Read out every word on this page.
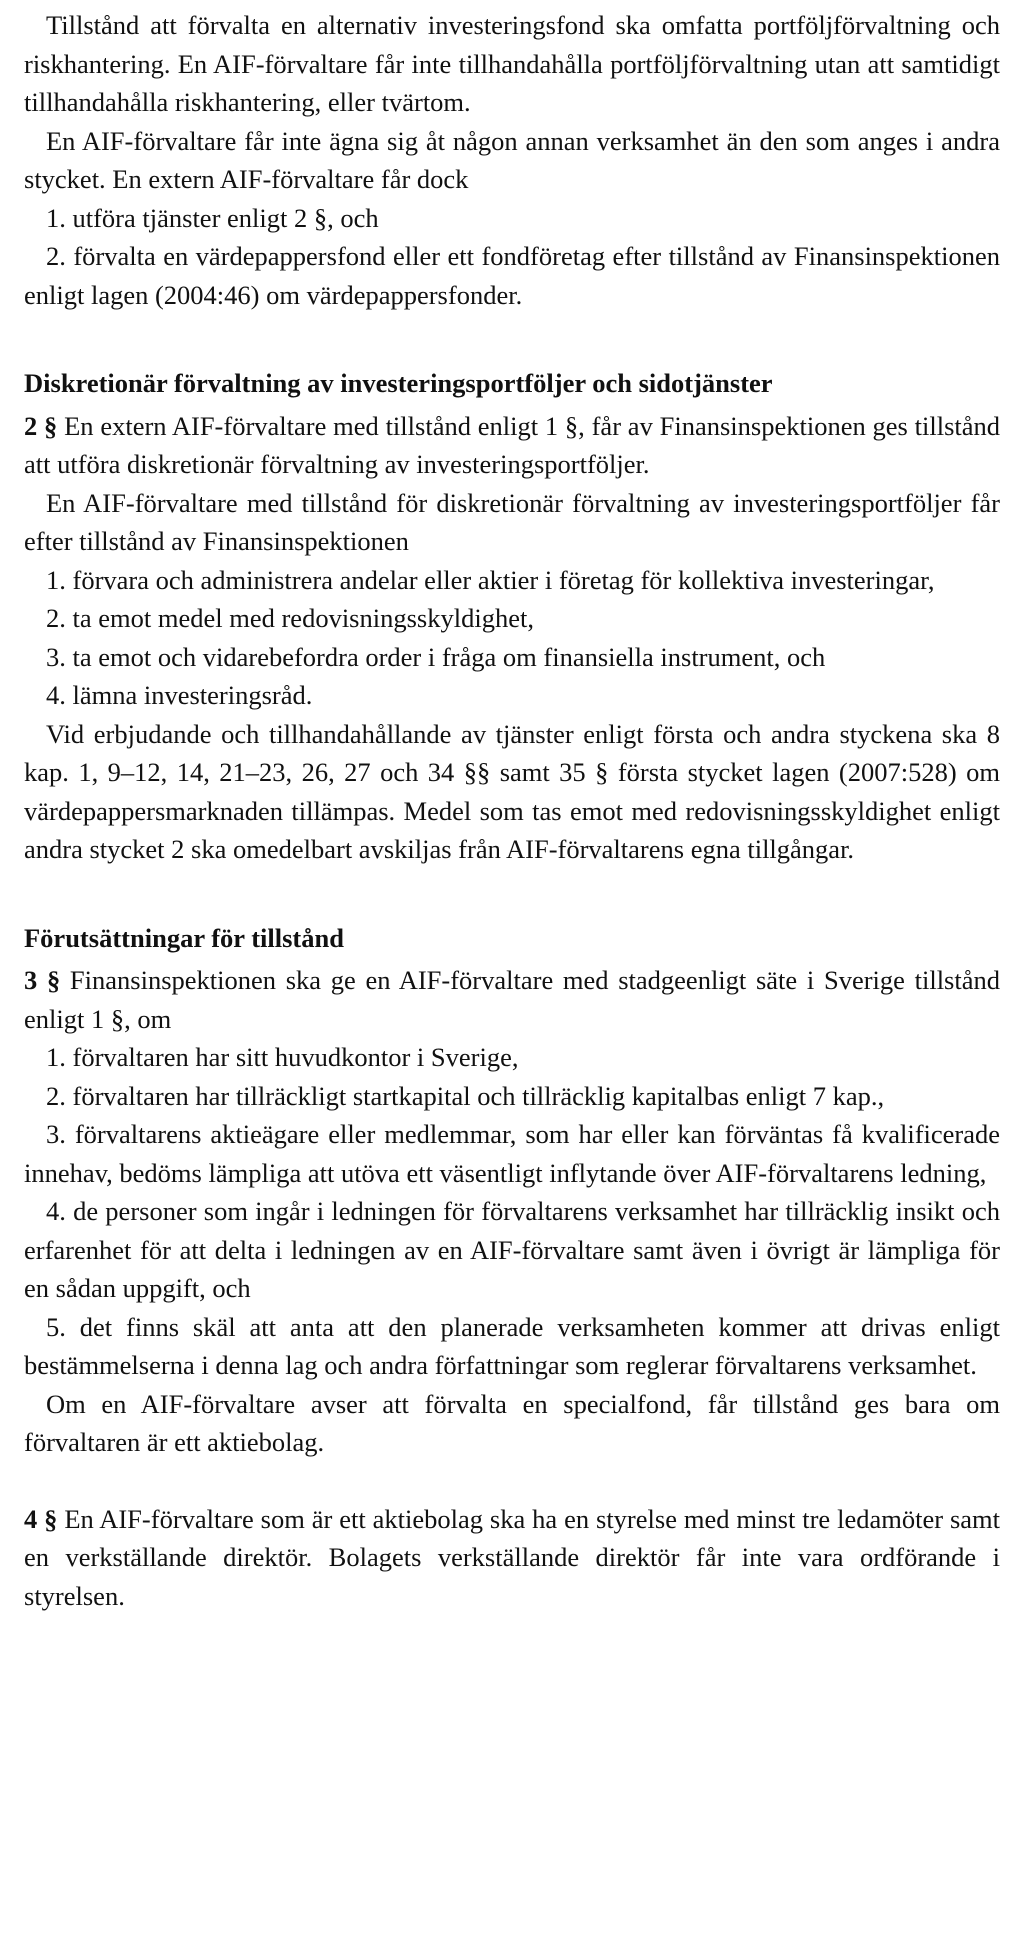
Tillstånd att förvalta en alternativ investeringsfond ska omfatta portföljförvaltning och riskhantering. En AIF-förvaltare får inte tillhandahålla portföljförvaltning utan att samtidigt tillhandahålla riskhantering, eller tvärtom.

En AIF-förvaltare får inte ägna sig åt någon annan verksamhet än den som anges i andra stycket. En extern AIF-förvaltare får dock

1. utföra tjänster enligt 2 §, och

2. förvalta en värdepappersfond eller ett fondföretag efter tillstånd av Finansinspektionen enligt lagen (2004:46) om värdepappersfonder.

Diskretionär förvaltning av investeringsportföljer och sidotjänster

2 § En extern AIF-förvaltare med tillstånd enligt 1 §, får av Finansinspektionen ges tillstånd att utföra diskretionär förvaltning av investeringsportföljer.

En AIF-förvaltare med tillstånd för diskretionär förvaltning av investeringsportföljer får efter tillstånd av Finansinspektionen

1. förvara och administrera andelar eller aktier i företag för kollektiva investeringar,

2. ta emot medel med redovisningsskyldighet,

3. ta emot och vidarebefordra order i fråga om finansiella instrument, och

4. lämna investeringsråd.

Vid erbjudande och tillhandahållande av tjänster enligt första och andra styckena ska 8 kap. 1, 9–12, 14, 21–23, 26, 27 och 34 §§ samt 35 § första stycket lagen (2007:528) om värdepappersmarknaden tillämpas. Medel som tas emot med redovisningsskyldighet enligt andra stycket 2 ska omedelbart avskiljas från AIF-förvaltarens egna tillgångar.

Förutsättningar för tillstånd

3 § Finansinspektionen ska ge en AIF-förvaltare med stadgeenligt säte i Sverige tillstånd enligt 1 §, om

1. förvaltaren har sitt huvudkontor i Sverige,

2. förvaltaren har tillräckligt startkapital och tillräcklig kapitalbas enligt 7 kap.,

3. förvaltarens aktieägare eller medlemmar, som har eller kan förväntas få kvalificerade innehav, bedöms lämpliga att utöva ett väsentligt inflytande över AIF-förvaltarens ledning,

4. de personer som ingår i ledningen för förvaltarens verksamhet har tillräcklig insikt och erfarenhet för att delta i ledningen av en AIF-förvaltare samt även i övrigt är lämpliga för en sådan uppgift, och

5. det finns skäl att anta att den planerade verksamheten kommer att drivas enligt bestämmelserna i denna lag och andra författningar som reglerar förvaltarens verksamhet.

Om en AIF-förvaltare avser att förvalta en specialfond, får tillstånd ges bara om förvaltaren är ett aktiebolag.

4 § En AIF-förvaltare som är ett aktiebolag ska ha en styrelse med minst tre ledamöter samt en verkställande direktör. Bolagets verkställande direktör får inte vara ordförande i styrelsen.
